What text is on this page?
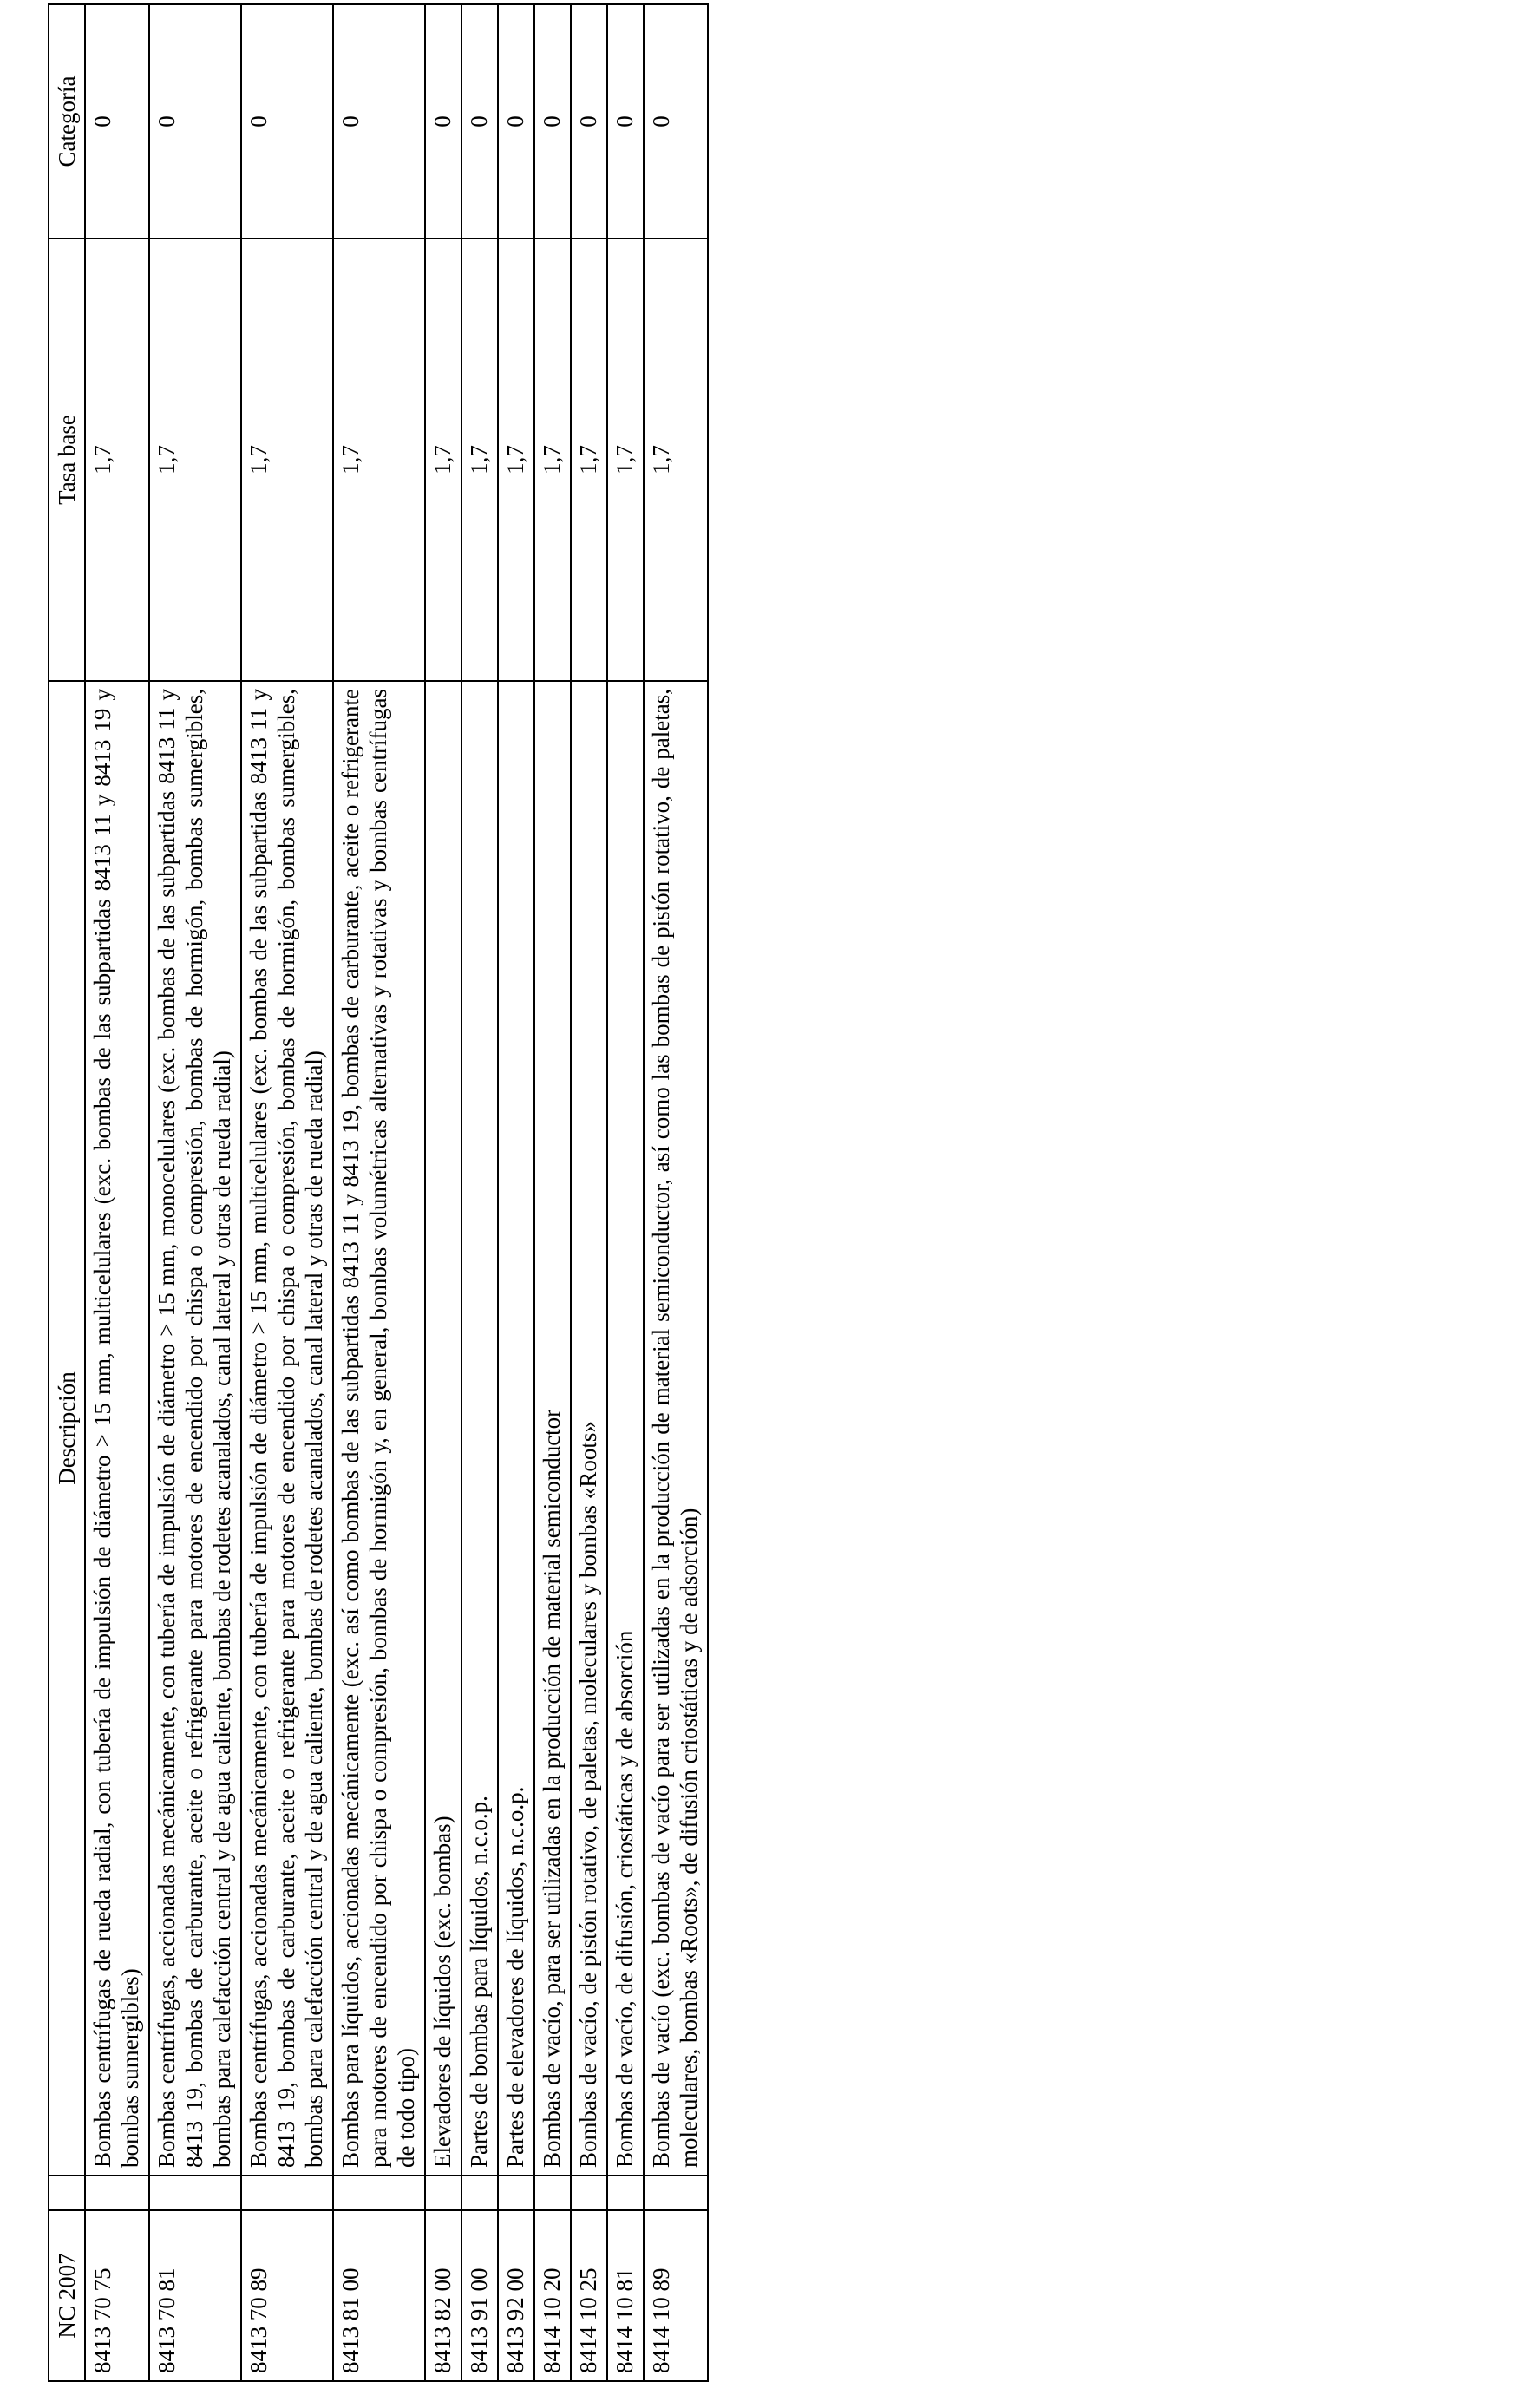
NC 2007		Descripción	Tasa base	Categoría
8413 70 75		Bombas centrífugas de rueda radial, con tubería de impulsión de diámetro > 15 mm, multicelulares (exc. bombas de las subpartidas 8413 11 y 8413 19 y bombas sumergibles)	1,7	0
8413 70 81		Bombas centrífugas, accionadas mecánicamente, con tubería de impulsión de diámetro > 15 mm, monocelulares (exc. bombas de las subpartidas 8413 11 y 8413 19, bombas de carburante, aceite o refrigerante para motores de encendido por chispa o compresión, bombas de hormigón, bombas sumergibles, bombas para calefacción central y de agua caliente, bombas de rodetes acanalados, canal lateral y otras de rueda radial)	1,7	0
8413 70 89		Bombas centrífugas, accionadas mecánicamente, con tubería de impulsión de diámetro > 15 mm, multicelulares (exc. bombas de las subpartidas 8413 11 y 8413 19, bombas de carburante, aceite o refrigerante para motores de encendido por chispa o compresión, bombas de hormigón, bombas sumergibles, bombas para calefacción central y de agua caliente, bombas de rodetes acanalados, canal lateral y otras de rueda radial)	1,7	0
8413 81 00		Bombas para líquidos, accionadas mecánicamente (exc. así como bombas de las subpartidas 8413 11 y 8413 19, bombas de carburante, aceite o refrigerante para motores de encendido por chispa o compresión, bombas de hormigón y, en general, bombas volumétricas alternativas y rotativas y bombas centrífugas de todo tipo)	1,7	0
8413 82 00		Elevadores de líquidos (exc. bombas)	1,7	0
8413 91 00		Partes de bombas para líquidos, n.c.o.p.	1,7	0
8413 92 00		Partes de elevadores de líquidos, n.c.o.p.	1,7	0
8414 10 20		Bombas de vacío, para ser utilizadas en la producción de material semiconductor	1,7	0
8414 10 25		Bombas de vacío, de pistón rotativo, de paletas, moleculares y bombas «Roots»	1,7	0
8414 10 81		Bombas de vacío, de difusión, criostáticas y de absorción	1,7	0
8414 10 89		Bombas de vacío (exc. bombas de vacío para ser utilizadas en la producción de material semiconductor, así como las bombas de pistón rotativo, de paletas, moleculares, bombas «Roots», de difusión criostáticas y de adsorción)	1,7	0
